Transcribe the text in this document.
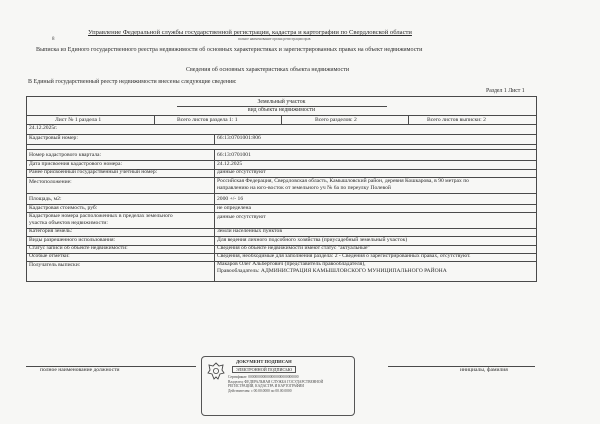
Управление Федеральной службы государственной регистрации, кадастра и картографии по Свердловской области
полное наименование органа регистрации прав
8
Выписка из Единого государственного реестра недвижимости об основных характеристиках и зарегистрированных правах на объект недвижимости
Сведения об основных характеристиках объекта недвижимости
В Единый государственный реестр недвижимости внесены следующие сведения:
Раздел 1 Лист 1
Земельный участок
вид объекта недвижимости
Лист № 1 раздела 1	Всего листов раздела 1: 1	Всего разделов: 2	Всего листов выписки: 2
24.12.2025г.
Кадастровый номер:	66:13:0701001:806
Номер кадастрового квартала:	66:13:0701001
Дата присвоения кадастрового номера:	24.12.2025
Ранее присвоенный государственный учетный номер:	данные отсутствуют
Местоположение:	Российская Федерация, Свердловская область, Камышловский район, деревня Кошкарова, в 90 метрах по
направлению на юго-восток от земельного уч № 6а по переулку Полевой
Площадь, м2:	2000 +/- 16
Кадастровая стоимость, руб:	не определена
Кадастровые номера расположенных в пределах земельного
участка объектов недвижимости:
данные отсутствуют
Категория земель:	Земли населенных пунктов
Виды разрешенного использования:	Для ведения личного подсобного хозяйства (приусадебный земельный участок)
Статус записи об объекте недвижимости:	Сведения об объекте недвижимости имеют статус "актуальные"
Особые отметки:	Сведения, необходимые для заполнения раздела: 2 - Сведения о зарегистрированных правах, отсутствуют.
Получатель выписки:	Макаров Олег Альбертович (представитель правообладателя),
Правообладатель: АДМИНИСТРАЦИЯ КАМЫШЛОВСКОГО МУНИЦИПАЛЬНОГО РАЙОНА
полное наименование должности	инициалы, фамилия
ДОКУМЕНТ ПОДПИСАН
ЭЛЕКТРОННОЙ ПОДПИСЬЮ
Сертификат: 0000000000000000000000000000
Владелец: ФЕДЕРАЛЬНАЯ СЛУЖБА ГОСУДАРСТВЕННОЙ
РЕГИСТРАЦИИ, КАДАСТРА И КАРТОГРАФИИ
Действителен: с 00.00.0000 по 00.00.0000
